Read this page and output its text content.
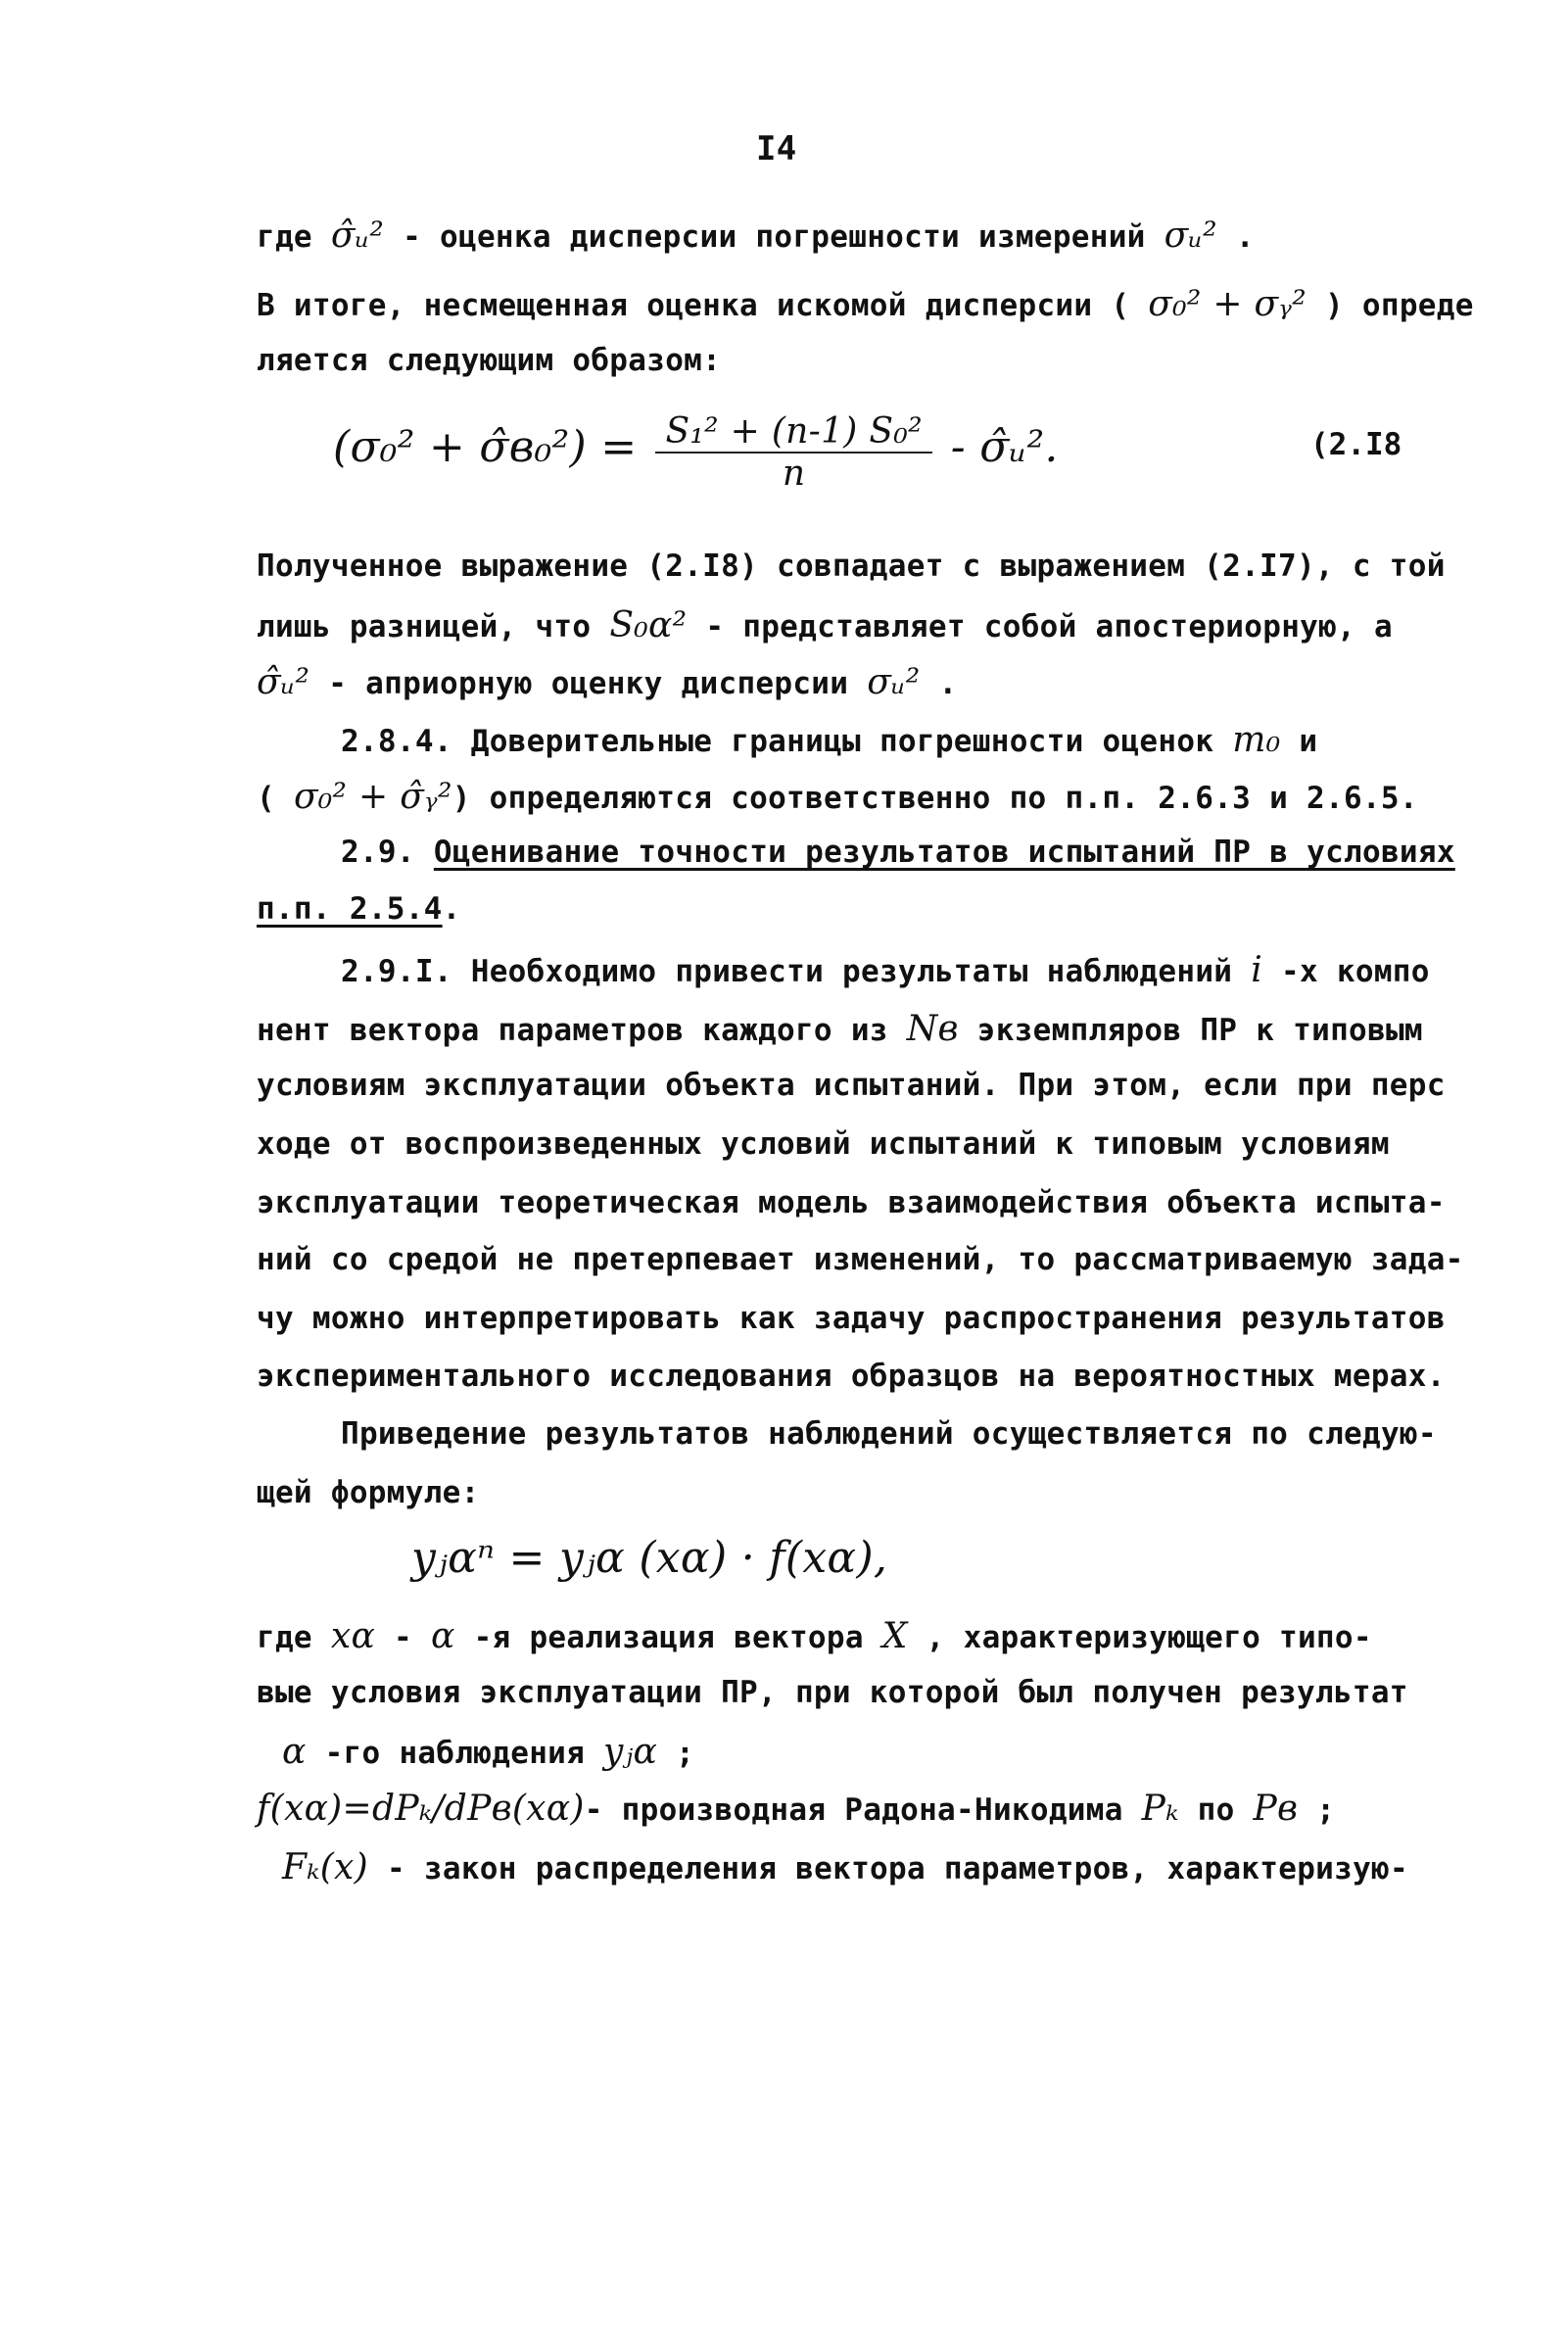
I4
где σ̂ᵤ² - оценка дисперсии погрешности измерений σᵤ² .
В итоге, несмещенная оценка искомой дисперсии ( σ₀² + σᵧ² ) опреде
ляется следующим образом:
(σ₀² + σ̂в₀²) = $\frac{\text{S₁² + (n-1) S₀²}}{n}$ - σ̂ᵤ².	(2.I8
Полученное выражение (2.I8) совпадает с выражением (2.I7), с той
лишь разницей, что S₀α² - представляет собой апостериорную, а
σ̂ᵤ² - априорную оценку дисперсии σᵤ² .
2.8.4. Доверительные границы погрешности оценок m₀ и
( σ₀² + σ̂ᵧ²) определяются соответственно по п.п. 2.6.3 и 2.6.5.
2.9. Оценивание точности результатов испытаний ПР в условиях
п.п. 2.5.4.
2.9.I. Необходимо привести результаты наблюдений i -х компо
нент вектора параметров каждого из Nв экземпляров ПР к типовым
условиям эксплуатации объекта испытаний. При этом, если при перс
ходе от воспроизведенных условий испытаний к типовым условиям
эксплуатации теоретическая модель взаимодействия объекта испыта-
ний со средой не претерпевает изменений, то рассматриваемую зада-
чу можно интерпретировать как задачу распространения результатов
экспериментального исследования образцов на вероятностных мерах.
Приведение результатов наблюдений осуществляется по следую-
щей формуле:
yⱼαⁿ = yⱼα (xα) · f(xα),
где xα - α -я реализация вектора X , характеризующего типо-
вые условия эксплуатации ПР, при которой был получен результат
α -го наблюдения yⱼα ;
f(xα)=dPₖ/dPв(xα)- производная Радона-Никодима Pₖ по Pв ;
Fₖ(x) - закон распределения вектора параметров, характеризую-
